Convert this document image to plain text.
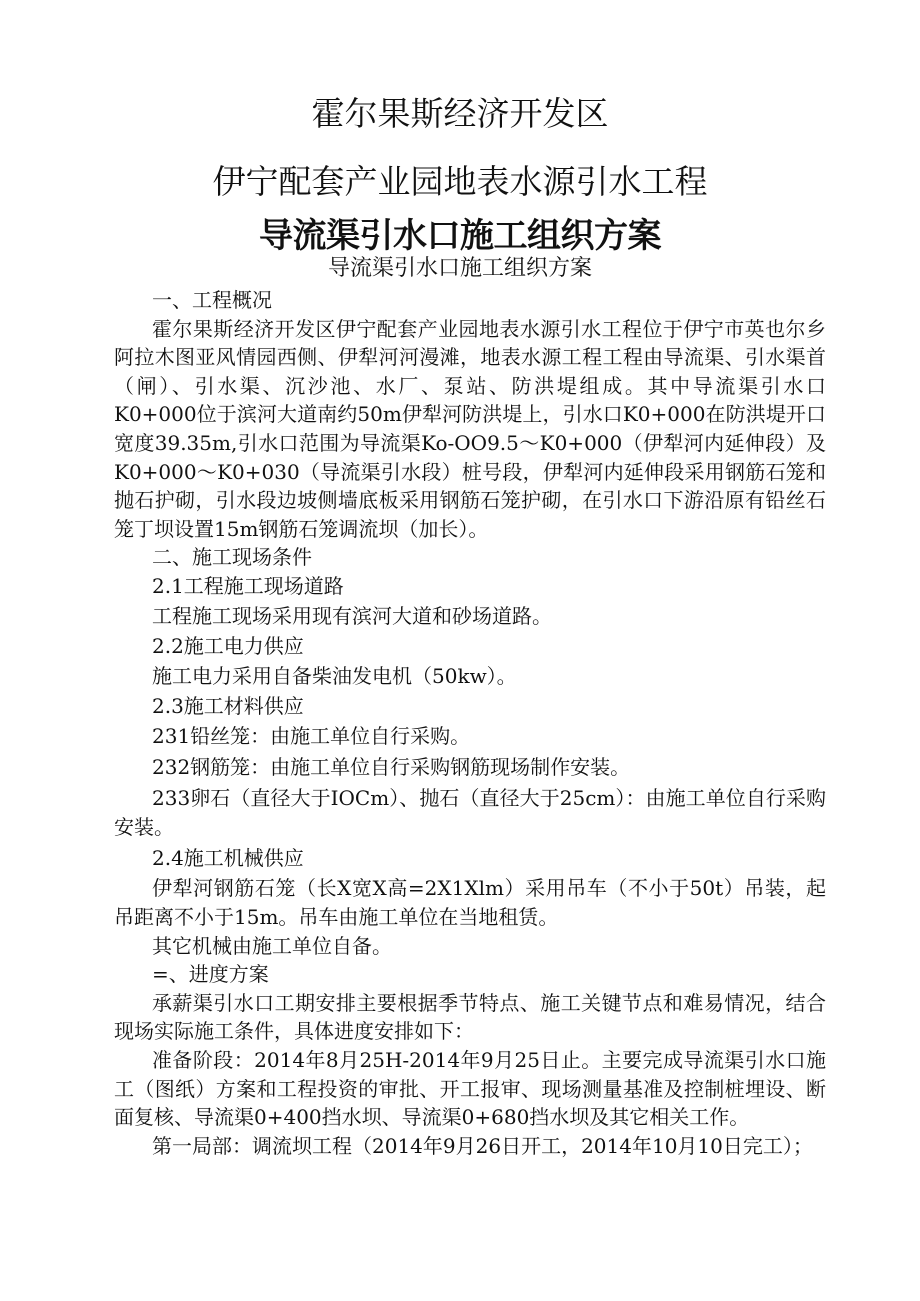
霍尔果斯经济开发区
伊宁配套产业园地表水源引水工程
导流渠引水口施工组织方案
导流渠引水口施工组织方案

一、工程概况

霍尔果斯经济开发区伊宁配套产业园地表水源引水工程位于伊宁市英也尔乡阿拉木图亚风情园西侧、伊犁河河漫滩，地表水源工程工程由导流渠、引水渠首（闸）、引水渠、沉沙池、水厂、泵站、防洪堤组成。其中导流渠引水口K0+000位于滨河大道南约50m伊犁河防洪堤上，引水口K0+000在防洪堤开口宽度39.35m,引水口范围为导流渠Ko-OO9.5～K0+000（伊犁河内延伸段）及K0+000～K0+030（导流渠引水段）桩号段，伊犁河内延伸段采用钢筋石笼和抛石护砌，引水段边坡侧墙底板采用钢筋石笼护砌，在引水口下游沿原有铅丝石笼丁坝设置15m钢筋石笼调流坝（加长）。

二、施工现场条件

2.1工程施工现场道路

工程施工现场采用现有滨河大道和砂场道路。

2.2施工电力供应

施工电力采用自备柴油发电机（50kw）。

2.3施工材料供应

231铅丝笼：由施工单位自行采购。

232钢筋笼：由施工单位自行采购钢筋现场制作安装。

233卵石（直径大于IOCm）、抛石（直径大于25cm）：由施工单位自行采购安装。

2.4施工机械供应

伊犁河钢筋石笼（长X宽X高=2X1Xlm）采用吊车（不小于50t）吊装，起吊距离不小于15m。吊车由施工单位在当地租赁。

其它机械由施工单位自备。

=、进度方案

承薪渠引水口工期安排主要根据季节特点、施工关键节点和难易情况，结合现场实际施工条件，具体进度安排如下：

准备阶段：2014年8月25H-2014年9月25日止。主要完成导流渠引水口施工（图纸）方案和工程投资的审批、开工报审、现场测量基准及控制桩埋设、断面复核、导流渠0+400挡水坝、导流渠0+680挡水坝及其它相关工作。

第一局部：调流坝工程（2014年9月26日开工，2014年10月10日完工）；
